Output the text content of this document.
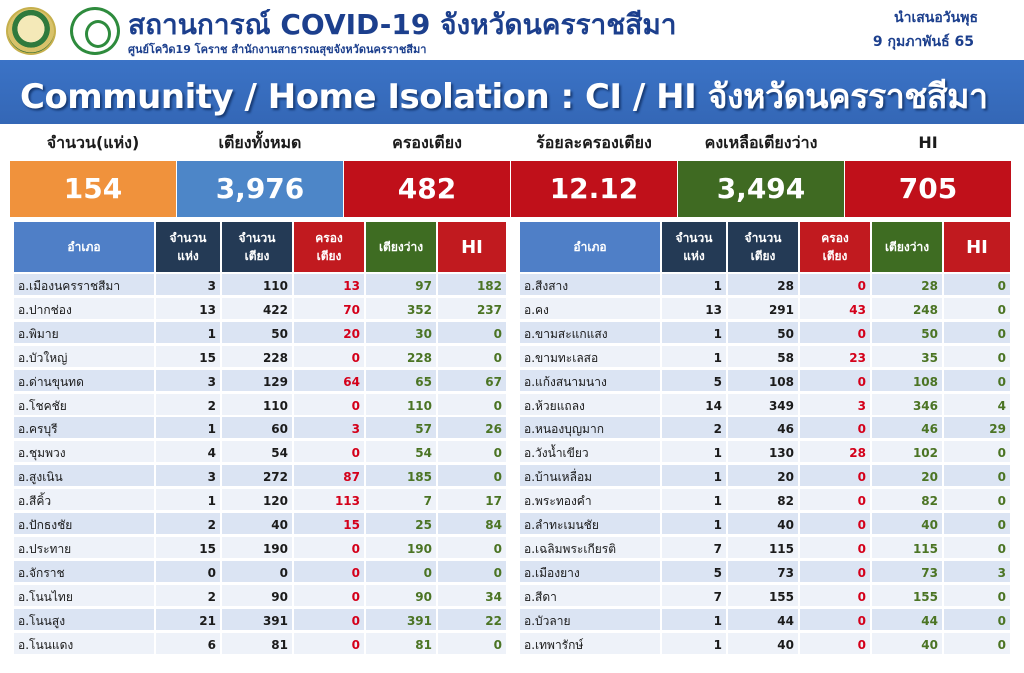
สถานการณ์ COVID-19 จังหวัดนครราชสีมา
ศูนย์โควิด19 โคราช สำนักงานสาธารณสุขจังหวัดนครราชสีมา
นำเสนอวันพุธ
9 กุมภาพันธ์ 65
Community / Home Isolation : CI / HI จังหวัดนครราชสีมา
จำนวน(แห่ง)
154
เตียงทั้งหมด
3,976
ครองเตียง
482
ร้อยละครองเตียง
12.12
คงเหลือเตียงว่าง
3,494
HI
705
อำเภอ
จำนวน
แห่ง
จำนวน
เตียง
ครอง
เตียง
เตียงว่าง	HI
อ.เมืองนครราชสีมา	3	110	13	97	182
อ.ปากช่อง	13	422	70	352	237
อ.พิมาย	1	50	20	30	0
อ.บัวใหญ่	15	228	0	228	0
อ.ด่านขุนทด	3	129	64	65	67
อ.โชคชัย	2	110	0	110	0
อ.ครบุรี	1	60	3	57	26
อ.ชุมพวง	4	54	0	54	0
อ.สูงเนิน	3	272	87	185	0
อ.สีคิ้ว	1	120	113	7	17
อ.ปักธงชัย	2	40	15	25	84
อ.ประทาย	15	190	0	190	0
อ.จักราช	0	0	0	0	0
อ.โนนไทย	2	90	0	90	34
อ.โนนสูง	21	391	0	391	22
อ.โนนแดง	6	81	0	81	0
อำเภอ
จำนวน
แห่ง
จำนวน
เตียง
ครอง
เตียง
เตียงว่าง	HI
อ.สีงสาง	1	28	0	28	0
อ.คง	13	291	43	248	0
อ.ขามสะแกแสง	1	50	0	50	0
อ.ขามทะเลสอ	1	58	23	35	0
อ.แก้งสนามนาง	5	108	0	108	0
อ.ห้วยแถลง	14	349	3	346	4
อ.หนองบุญมาก	2	46	0	46	29
อ.วังน้ำเขียว	1	130	28	102	0
อ.บ้านเหลื่อม	1	20	0	20	0
อ.พระทองคำ	1	82	0	82	0
อ.ลำทะเมนชัย	1	40	0	40	0
อ.เฉลิมพระเกียรติ	7	115	0	115	0
อ.เมืองยาง	5	73	0	73	3
อ.สีดา	7	155	0	155	0
อ.บัวลาย	1	44	0	44	0
อ.เทพารักษ์	1	40	0	40	0
